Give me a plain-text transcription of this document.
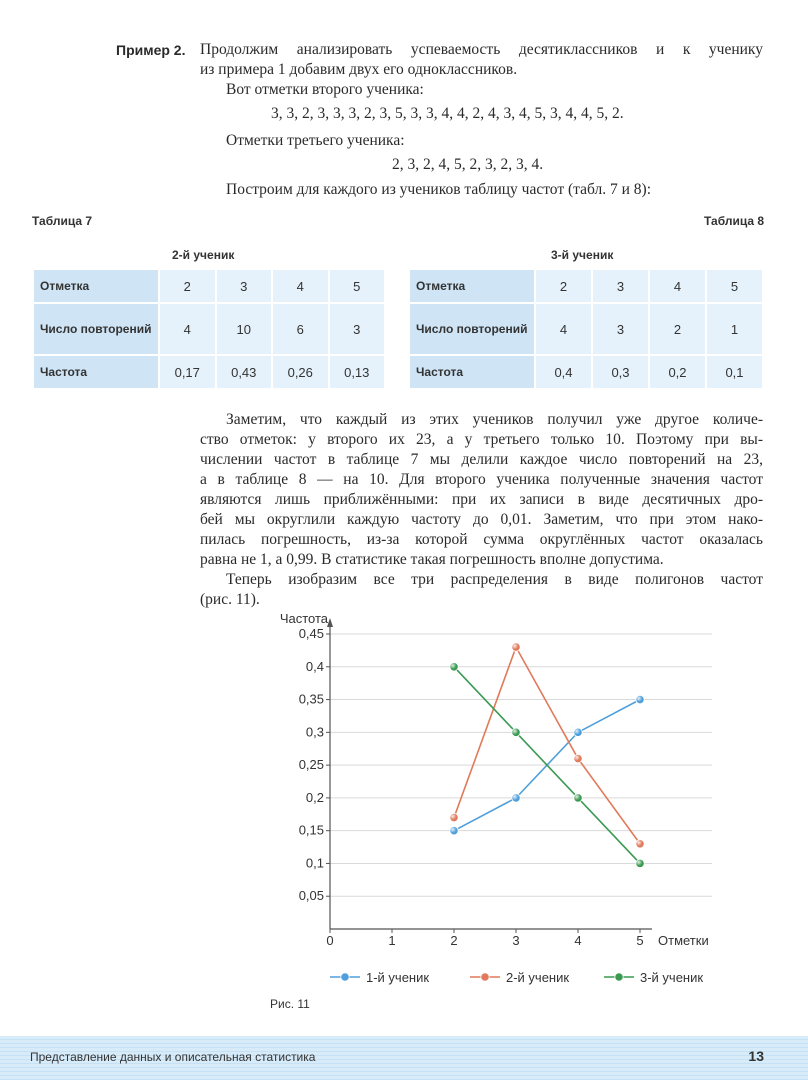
Пример 2. Продолжим анализировать успеваемость десятиклассников и к ученику
из примера 1 добавим двух его одноклассников.
Вот отметки второго ученика:
3, 3, 2, 3, 3, 3, 2, 3, 5, 3, 3, 4, 4, 2, 4, 3, 4, 5, 3, 4, 4, 5, 2.
Отметки третьего ученика:
2, 3, 2, 4, 5, 2, 3, 2, 3, 4.
Построим для каждого из учеников таблицу частот (табл. 7 и 8):
Таблица 7
2-й ученик
Отметка	2	3	4	5
Число повторений	4	10	6	3
Частота	0,17	0,43	0,26	0,13
Таблица 8
3-й ученик
Отметка	2	3	4	5
Число повторений	4	3	2	1
Частота	0,4	0,3	0,2	0,1
Заметим, что каждый из этих учеников получил уже другое количе-
ство отметок: у второго их 23, а у третьего только 10. Поэтому при вы-
числении частот в таблице 7 мы делили каждое число повторений на 23,
а в таблице 8 — на 10. Для второго ученика полученные значения частот
являются лишь приближёнными: при их записи в виде десятичных дро-
бей мы округлили каждую частоту до 0,01. Заметим, что при этом нако-
пилась погрешность, из-за которой сумма округлённых частот оказалась
равна не 1, а 0,99. В статистике такая погрешность вполне допустима.
Теперь изобразим все три распределения в виде полигонов частот
(рис. 11).
0,05
0,1
0,15
0,2
0,25
0,3
0,35
0,4
0,45
Частота
Отметки
0	1	2	3	4	5
1-й ученик	2-й ученик	3-й ученик
Рис. 11
Представление данных и описательная статистика	13
